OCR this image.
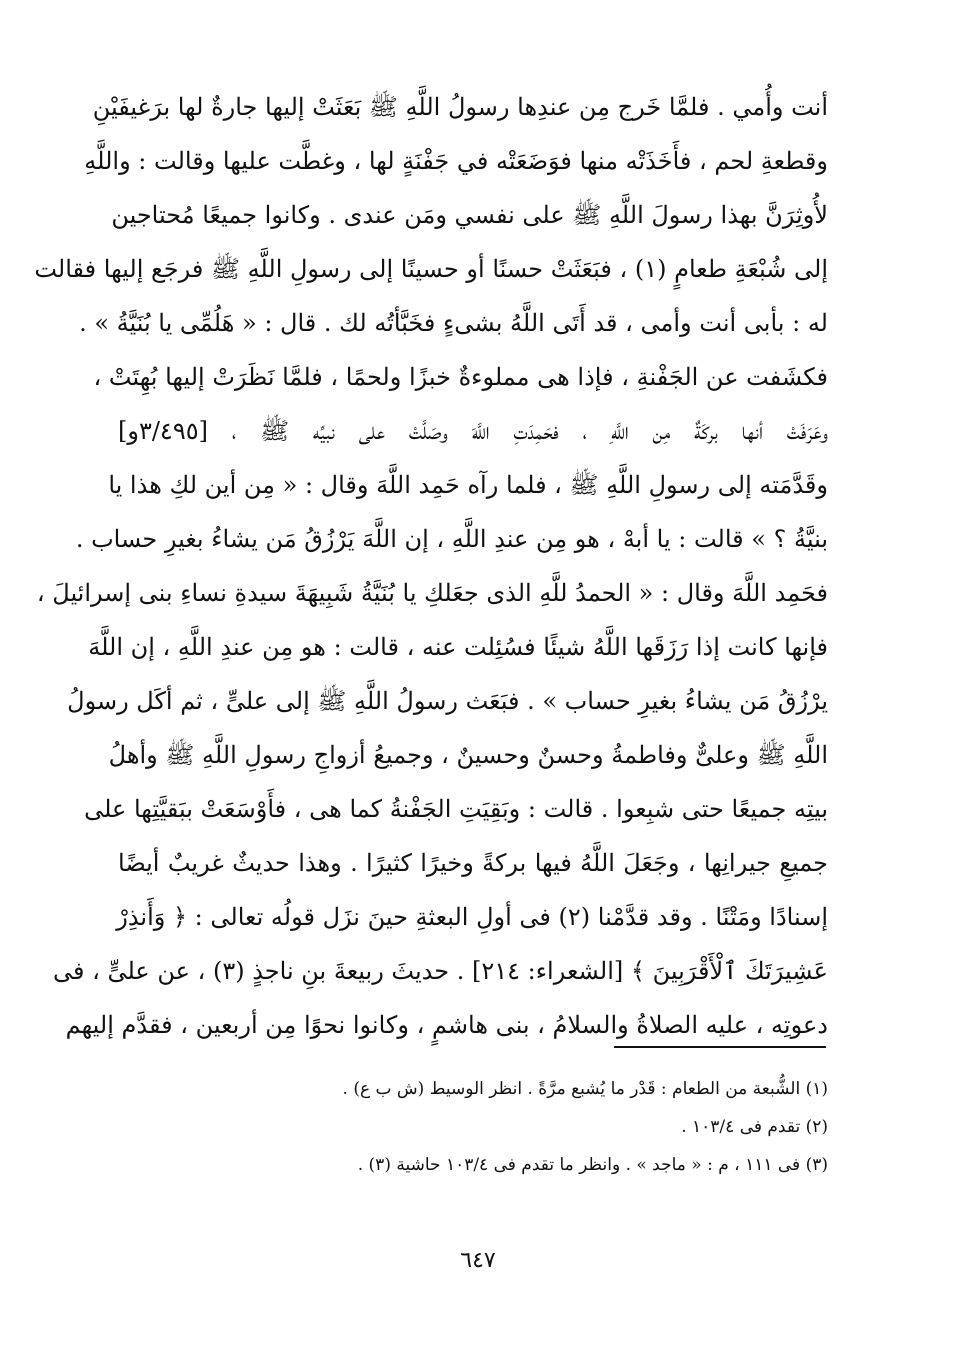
أنت وأُمي . فلمَّا خَرج مِن عندِها رسولُ اللَّهِ ﷺ بَعَثَتْ إليها جارةٌ لها برَغيفَيْنِ
وقطعةِ لحم ، فأَخَذَتْه منها فوَضَعَتْه في جَفْنَةٍ لها ، وغطَّت عليها وقالت : واللَّهِ
لأُوثِرَنَّ بهذا رسولَ اللَّهِ ﷺ على نفسي ومَن عندى . وكانوا جميعًا مُحتاجين
إلى شُبْعَةِ طعامٍ (١) ، فبَعَثَتْ حسنًا أو حسينًا إلى رسولِ اللَّهِ ﷺ فرجَع إليها فقالت
له : بأبى أنت وأمى ، قد أَتَى اللَّهُ بشىءٍ فخَبَّأتُه لك . قال : « هَلُمِّى يا بُنَيَّةُ » .
فكشَفت عن الجَفْنةِ ، فإذا هى مملوءةٌ خبزًا ولحمًا ، فلمَّا نَظَرَتْ إليها بُهِتَتْ ،
وعَرَفَتْ أنها بركَةٌ مِن اللَّهِ ، فحَمِدَتِ اللَّهَ وصَلَّتْ على نبيِّه ﷺ ، [٣/٤٩٥و]
وقَدَّمَته إلى رسولِ اللَّهِ ﷺ ، فلما رآه حَمِد اللَّهَ وقال : « مِن أين لكِ هذا يا
بنيَّةُ ؟ » قالت : يا أبهْ ، هو مِن عندِ اللَّهِ ، إن اللَّهَ يَرْزُقُ مَن يشاءُ بغيرِ حساب .
فحَمِد اللَّهَ وقال : « الحمدُ للَّهِ الذى جعَلكِ يا بُنَيَّةُ شَبِيهَةَ سيدةِ نساءِ بنى إسرائيلَ ،
فإنها كانت إذا رَزَقَها اللَّهُ شيئًا فسُئِلت عنه ، قالت : هو مِن عندِ اللَّهِ ، إن اللَّهَ
يرْزُقُ مَن يشاءُ بغيرِ حساب » . فبَعَث رسولُ اللَّهِ ﷺ إلى علىٍّ ، ثم أكَل رسولُ
اللَّهِ ﷺ وعلىٌّ وفاطمةُ وحسنٌ وحسينٌ ، وجميعُ أزواجِ رسولِ اللَّهِ ﷺ وأهلُ
بيتِه جميعًا حتى شبِعوا . قالت : وبَقِيَتِ الجَفْنةُ كما هى ، فأَوْسَعَتْ ببَقيَّتِها على
جميعِ جيرانِها ، وجَعَلَ اللَّهُ فيها بركةً وخيرًا كثيرًا . وهذا حديثٌ غريبٌ أيضًا
إسنادًا ومَتْنًا . وقد قدَّمْنا (٢) فى أولِ البعثةِ حينَ نزَل قولُه تعالى : ﴿ وَأَنذِرْ
عَشِيرَتَكَ ٱلْأَقْرَبِينَ ﴾ [الشعراء: ٢١٤] . حديثَ ربيعةَ بنِ ناجذٍ (٣) ، عن علىٍّ ، فى
دعوتِه ، عليه الصلاةُ والسلامُ ، بنى هاشمٍ ، وكانوا نحوًا مِن أربعين ، فقدَّم إليهم
(١) الشُّبعة من الطعام : قَدْر ما يُشبع مرَّةً . انظر الوسيط (ش ب ع) .
(٢) تقدم فى ١٠٣/٤ .
(٣) فى ١١١ ، م : « ماجد » . وانظر ما تقدم فى ١٠٣/٤ حاشية (٣) .
٦٤٧
